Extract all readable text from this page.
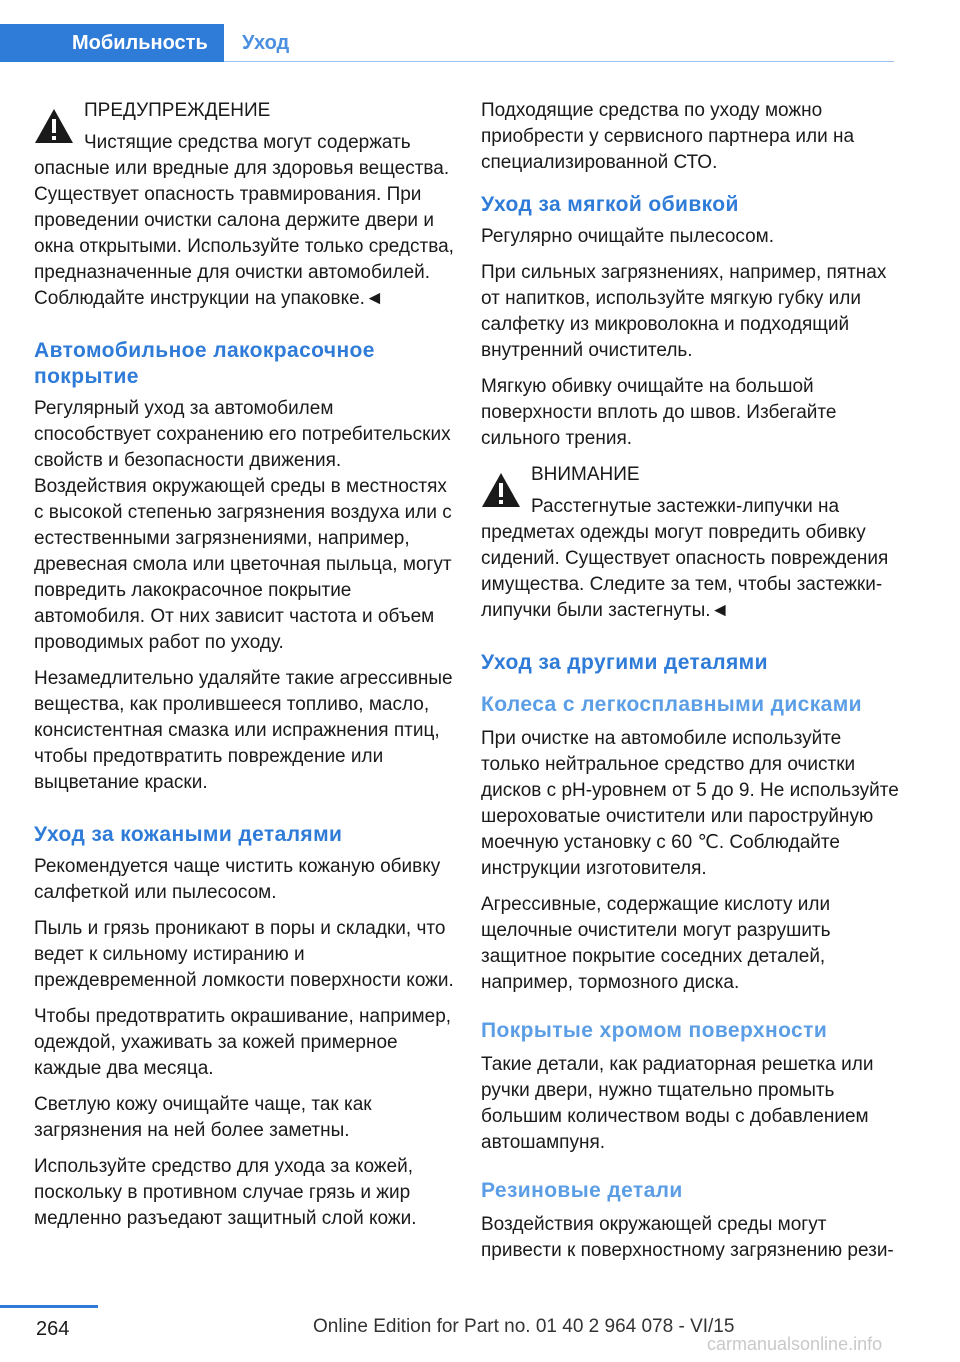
Мобильность	Уход
ПРЕДУПРЕЖДЕНИЕ

Чистящие средства могут содержать опасные или вредные для здоровья вещества. Существует опасность травмирования. При проведении очистки салона держите двери и окна открытыми. Используйте только средства, предназначенные для очистки автомобилей. Соблюдайте инструкции на упаковке.◄

Автомобильное лакокрасочное покрытие

Регулярный уход за автомобилем способствует сохранению его потребительских свойств и безопасности движения. Воздействия окружающей среды в местностях с высокой степенью загрязнения воздуха или с естественными загрязнениями, например, древесная смола или цветочная пыльца, могут повредить лакокрасочное покрытие автомобиля. От них зависит частота и объем проводимых работ по уходу.

Незамедлительно удаляйте такие агрессивные вещества, как пролившееся топливо, масло, консистентная смазка или испражнения птиц, чтобы предотвратить повреждение или выцветание краски.

Уход за кожаными деталями

Рекомендуется чаще чистить кожаную обивку салфеткой или пылесосом.

Пыль и грязь проникают в поры и складки, что ведет к сильному истиранию и преждевременной ломкости поверхности кожи.

Чтобы предотвратить окрашивание, например, одеждой, ухаживать за кожей примерное каждые два месяца.

Светлую кожу очищайте чаще, так как загрязнения на ней более заметны.

Используйте средство для ухода за кожей, поскольку в противном случае грязь и жир медленно разъедают защитный слой кожи.

Подходящие средства по уходу можно приобрести у сервисного партнера или на специализированной СТО.

Уход за мягкой обивкой

Регулярно очищайте пылесосом.

При сильных загрязнениях, например, пятнах от напитков, используйте мягкую губку или салфетку из микроволокна и подходящий внутренний очиститель.

Мягкую обивку очищайте на большой поверхности вплоть до швов. Избегайте сильного трения.

ВНИМАНИЕ

Расстегнутые застежки-липучки на предметах одежды могут повредить обивку сидений. Существует опасность повреждения имущества. Следите за тем, чтобы застежки-липучки были застегнуты.◄

Уход за другими деталями
Колеса с легкосплавными дисками

При очистке на автомобиле используйте только нейтральное средство для очистки дисков с pH-уровнем от 5 до 9. Не используйте шероховатые очистители или пароструйную моечную установку с 60 ℃. Соблюдайте инструкции изготовителя.

Агрессивные, содержащие кислоту или щелочные очистители могут разрушить защитное покрытие соседних деталей, например, тормозного диска.

Покрытые хромом поверхности

Такие детали, как радиаторная решетка или ручки двери, нужно тщательно промыть большим количеством воды с добавлением автошампуня.

Резиновые детали

Воздействия окружающей среды могут привести к поверхностному загрязнению рези-

264	Online Edition for Part no. 01 40 2 964 078 - VI/15
carmanualsonline.info
